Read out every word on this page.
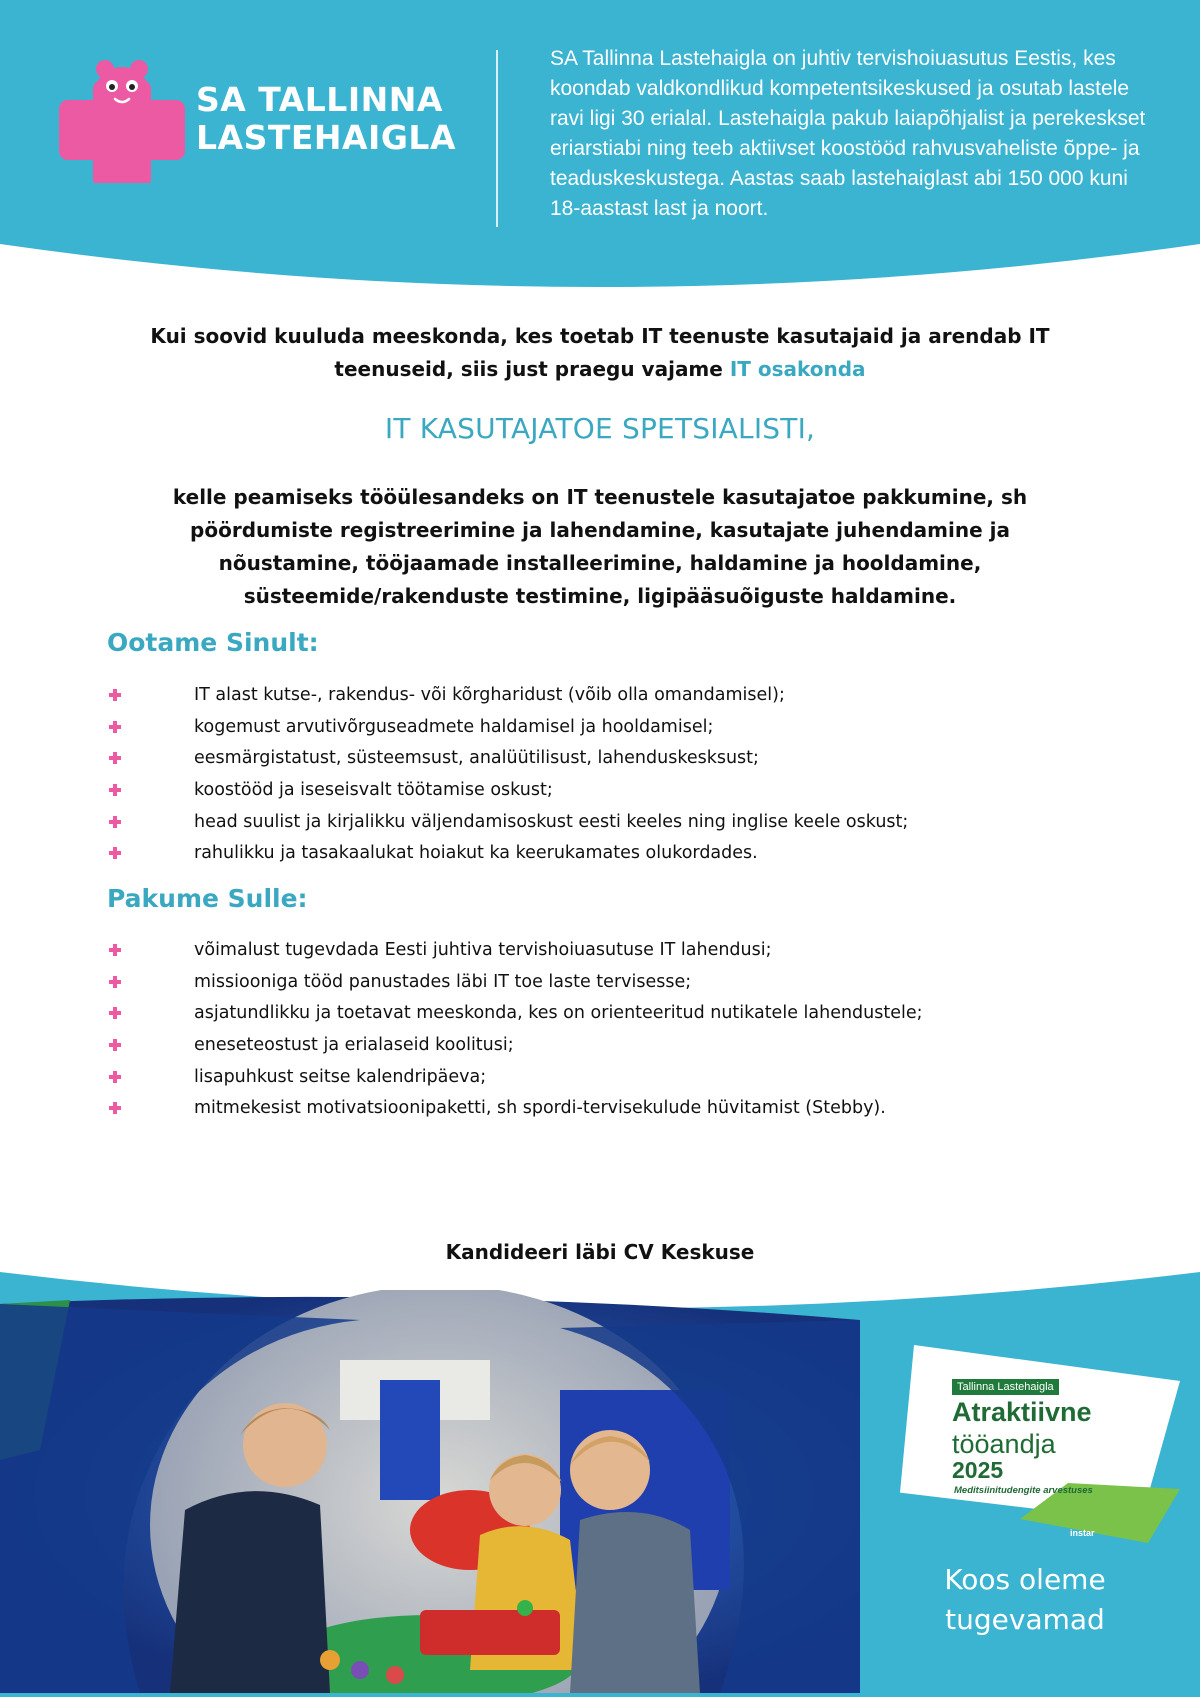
SA TALLINNA
LASTEHAIGLA
SA Tallinna Lastehaigla on juhtiv tervishoiuasutus Eestis, kes koondab valdkondlikud kompetentsikeskused ja osutab lastele ravi ligi 30 erialal. Lastehaigla pakub laiapõhjalist ja perekeskset eriarstiabi ning teeb aktiivset koostööd rahvusvaheliste õppe- ja teaduskeskustega. Aastas saab lastehaiglast abi 150 000 kuni 18-aastast last ja noort.
Kui soovid kuuluda meeskonda, kes toetab IT teenuste kasutajaid ja arendab IT teenuseid, siis just praegu vajame IT osakonda
IT KASUTAJATOE SPETSIALISTI,
kelle peamiseks tööülesandeks on IT teenustele kasutajatoe pakkumine, sh pöördumiste registreerimine ja lahendamine, kasutajate juhendamine ja nõustamine, tööjaamade installeerimine, haldamine ja hooldamine, süsteemide/rakenduste testimine, ligipääsuõiguste haldamine.
Ootame Sinult:
IT alast kutse-, rakendus- või kõrgharidust (võib olla omandamisel);
kogemust arvutivõrguseadmete haldamisel ja hooldamisel;
eesmärgistatust, süsteemsust, analüütilisust, lahenduskesksust;
koostööd ja iseseisvalt töötamise oskust;
head suulist ja kirjalikku väljendamisoskust eesti keeles ning inglise keele oskust;
rahulikku ja tasakaalukat hoiakut ka keerukamates olukordades.
Pakume Sulle:
võimalust tugevdada Eesti juhtiva tervishoiuasutuse IT lahendusi;
missiooniga tööd panustades läbi IT toe laste tervisesse;
asjatundlikku ja toetavat meeskonda, kes on orienteeritud nutikatele lahendustele;
eneseteostust ja erialaseid koolitusi;
lisapuhkust seitse kalendripäeva;
mitmekesist motivatsioonipaketti, sh spordi-tervisekulude hüvitamist (Stebby).
Kandideeri läbi CV Keskuse
Tallinna Lastehaigla
Atraktiivne
tööandja
2025
Meditsiinitudengite arvestuses
instar
Koos oleme
tugevamad
